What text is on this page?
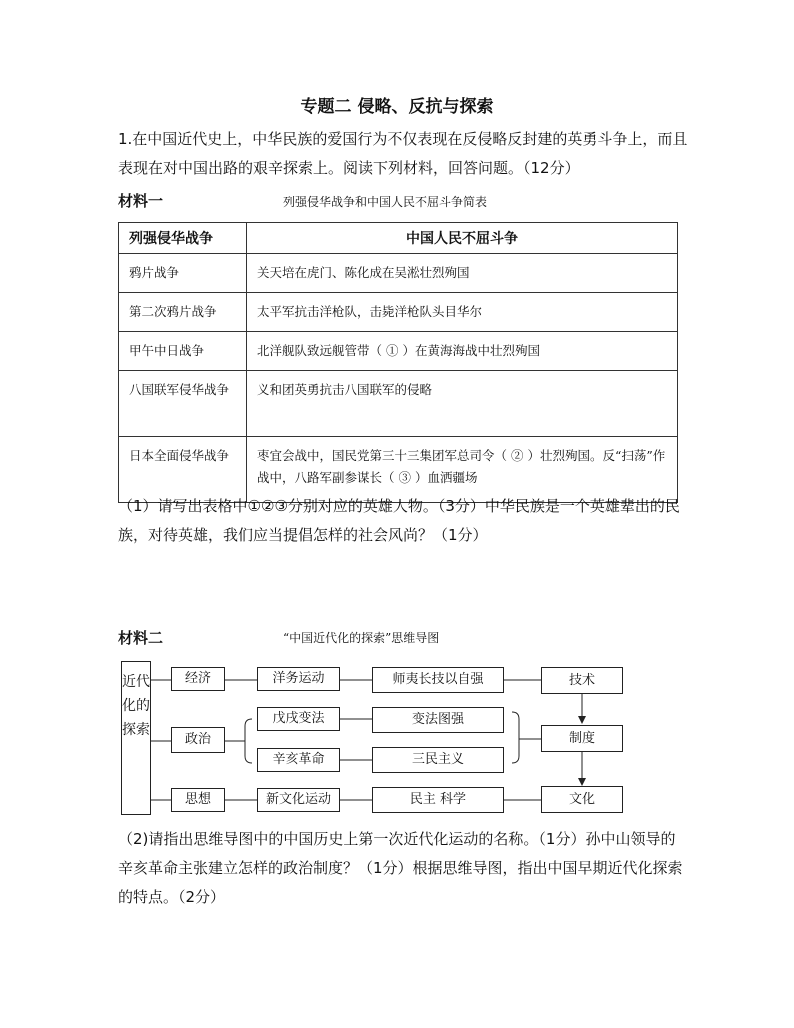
专题二 侵略、反抗与探索
1.在中国近代史上，中华民族的爱国行为不仅表现在反侵略反封建的英勇斗争上，而且表现在对中国出路的艰辛探索上。阅读下列材料，回答问题。（12分）
材料一	列强侵华战争和中国人民不屈斗争简表
列强侵华战争	中国人民不屈斗争
鸦片战争	关天培在虎门、陈化成在吴淞壮烈殉国
第二次鸦片战争	太平军抗击洋枪队，击毙洋枪队头目华尔
甲午中日战争	北洋舰队致远舰管带（ ① ）在黄海海战中壮烈殉国
八国联军侵华战争	义和团英勇抗击八国联军的侵略
日本全面侵华战争	枣宜会战中，国民党第三十三集团军总司令（ ② ）壮烈殉国。反“扫荡”作战中，八路军副参谋长（ ③ ）血洒疆场
（1）请写出表格中①②③分别对应的英雄人物。（3分）中华民族是一个英雄辈出的民族，对待英雄，我们应当提倡怎样的社会风尚？（1分）
材料二	“中国近代化的探索”思维导图
近代化的探索
经济
政治
思想
洋务运动
戊戌变法
辛亥革命
新文化运动
师夷长技以自强
变法图强
三民主义
民主 科学
技术
制度
文化
（2)请指出思维导图中的中国历史上第一次近代化运动的名称。（1分）孙中山领导的辛亥革命主张建立怎样的政治制度？（1分）根据思维导图，指出中国早期近代化探索的特点。（2分）
